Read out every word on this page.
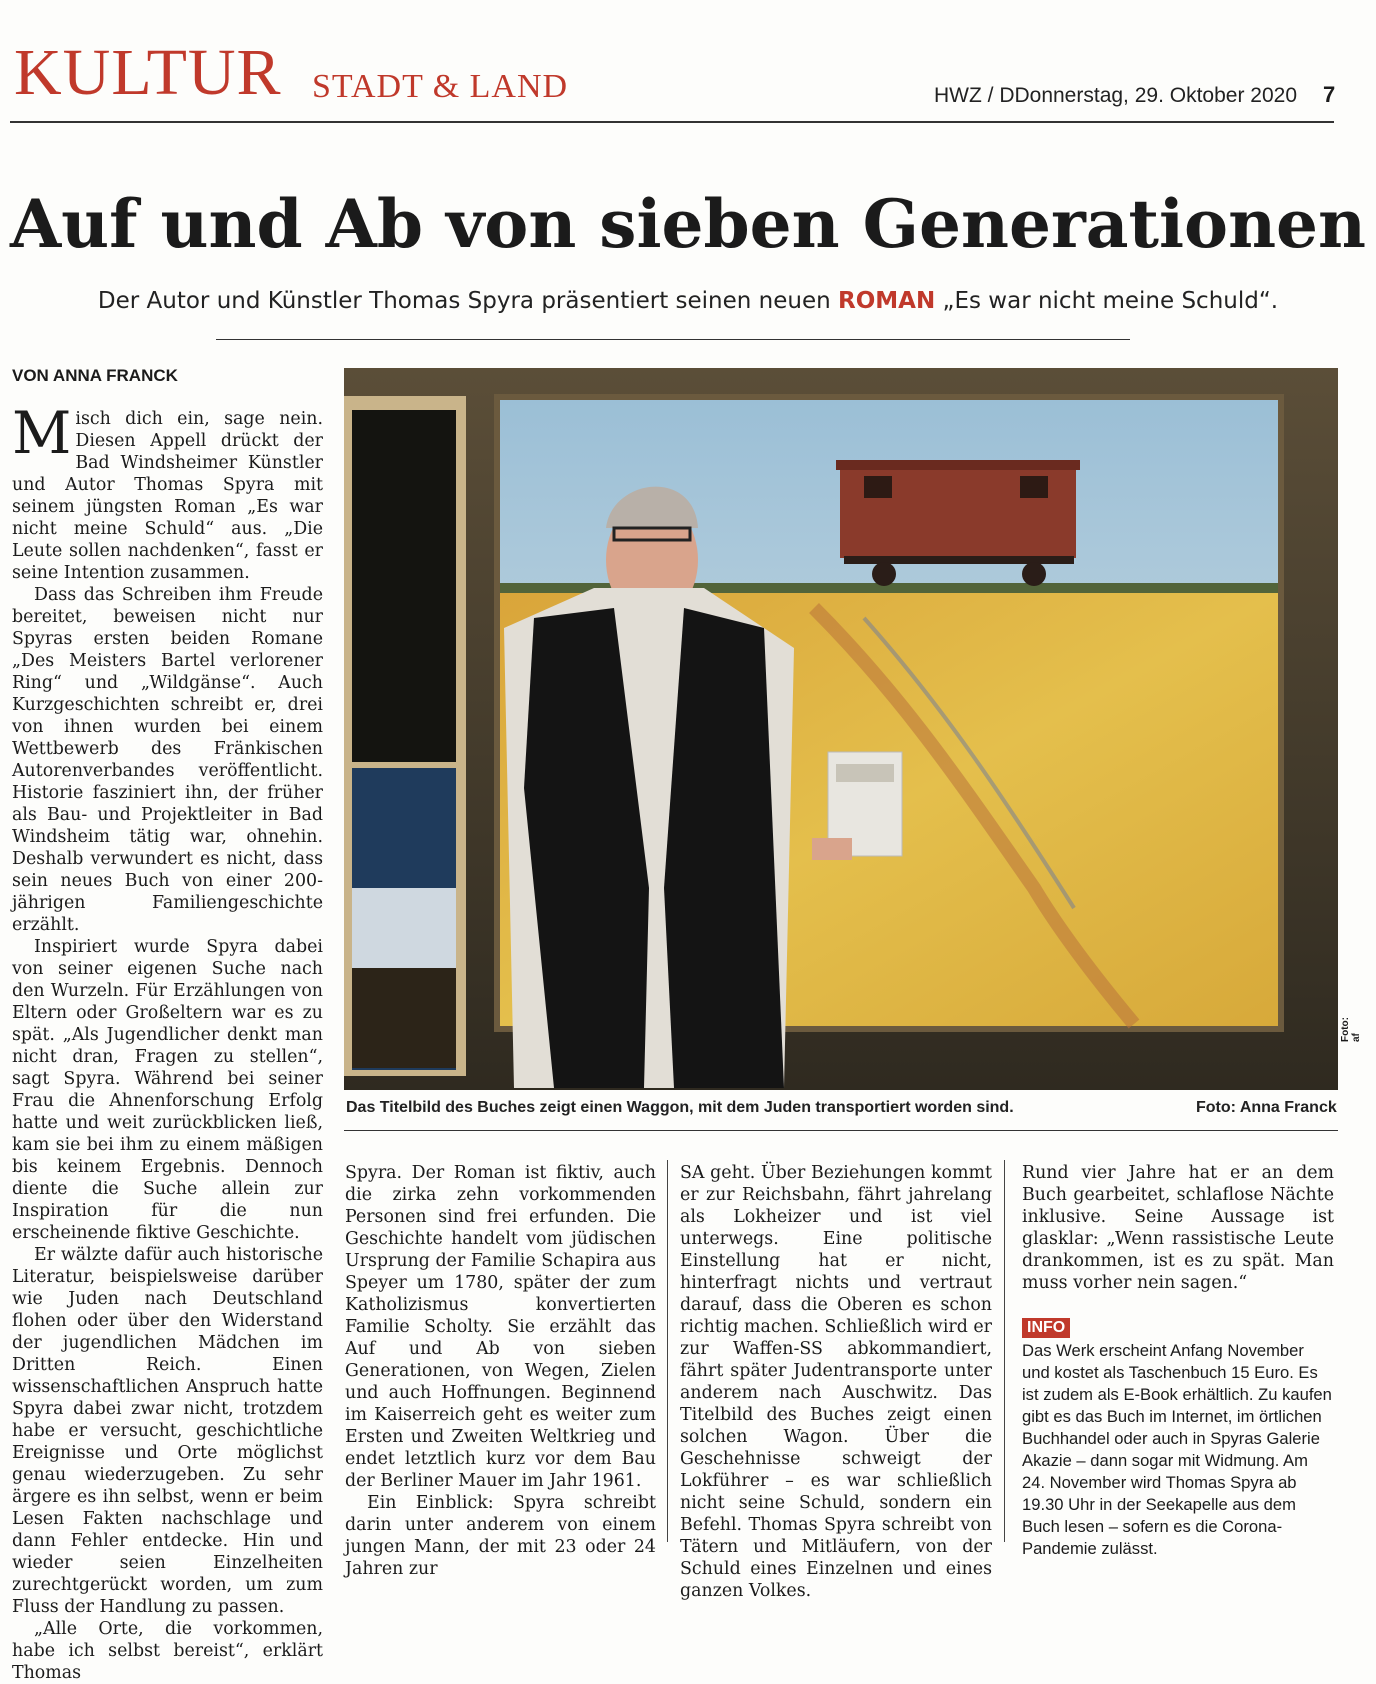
KULTUR STADT & LAND	HWZ / DDonnerstag, 29. Oktober 2020 7
Auf und Ab von sieben Generationen
Der Autor und Künstler Thomas Spyra präsentiert seinen neuen ROMAN „Es war nicht meine Schuld“.
VON ANNA FRANCK

Misch dich ein, sage nein. Diesen Appell drückt der Bad Windsheimer Künstler und Autor Thomas Spyra mit seinem jüngsten Roman „Es war nicht meine Schuld“ aus. „Die Leute sollen nachdenken“, fasst er seine Intention zusammen.

Dass das Schreiben ihm Freude bereitet, beweisen nicht nur Spyras ersten beiden Romane „Des Meisters Bartel verlorener Ring“ und „Wildgänse“. Auch Kurzgeschichten schreibt er, drei von ihnen wurden bei einem Wettbewerb des Fränkischen Autorenverbandes veröffentlicht. Historie fasziniert ihn, der früher als Bau- und Projektleiter in Bad Windsheim tätig war, ohnehin. Deshalb verwundert es nicht, dass sein neues Buch von einer 200-jährigen Familiengeschichte erzählt.

Inspiriert wurde Spyra dabei von seiner eigenen Suche nach den Wurzeln. Für Erzählungen von Eltern oder Großeltern war es zu spät. „Als Jugendlicher denkt man nicht dran, Fragen zu stellen“, sagt Spyra. Während bei seiner Frau die Ahnenforschung Erfolg hatte und weit zurückblicken ließ, kam sie bei ihm zu einem mäßigen bis keinem Ergebnis. Dennoch diente die Suche allein zur Inspiration für die nun erscheinende fiktive Geschichte.

Er wälzte dafür auch historische Literatur, beispielsweise darüber wie Juden nach Deutschland flohen oder über den Widerstand der jugendlichen Mädchen im Dritten Reich. Einen wissenschaftlichen Anspruch hatte Spyra dabei zwar nicht, trotzdem habe er versucht, geschichtliche Ereignisse und Orte möglichst genau wiederzugeben. Zu sehr ärgere es ihn selbst, wenn er beim Lesen Fakten nachschlage und dann Fehler entdecke. Hin und wieder seien Einzelheiten zurechtgerückt worden, um zum Fluss der Handlung zu passen.

„Alle Orte, die vorkommen, habe ich selbst bereist“, erklärt Thomas

Foto: af
Das Titelbild des Buches zeigt einen Waggon, mit dem Juden transportiert worden sind.	Foto: Anna Franck

Spyra. Der Roman ist fiktiv, auch die zirka zehn vorkommenden Personen sind frei erfunden. Die Geschichte handelt vom jüdischen Ursprung der Familie Schapira aus Speyer um 1780, später der zum Katholizismus konvertierten Familie Scholty. Sie erzählt das Auf und Ab von sieben Generationen, von Wegen, Zielen und auch Hoffnungen. Beginnend im Kaiserreich geht es weiter zum Ersten und Zweiten Weltkrieg und endet letztlich kurz vor dem Bau der Berliner Mauer im Jahr 1961.

Ein Einblick: Spyra schreibt darin unter anderem von einem jungen Mann, der mit 23 oder 24 Jahren zur

SA geht. Über Beziehungen kommt er zur Reichsbahn, fährt jahrelang als Lokheizer und ist viel unterwegs. Eine politische Einstellung hat er nicht, hinterfragt nichts und vertraut darauf, dass die Oberen es schon richtig machen. Schließlich wird er zur Waffen-SS abkommandiert, fährt später Judentransporte unter anderem nach Auschwitz. Das Titelbild des Buches zeigt einen solchen Wagon. Über die Geschehnisse schweigt der Lokführer – es war schließlich nicht seine Schuld, sondern ein Befehl. Thomas Spyra schreibt von Tätern und Mitläufern, von der Schuld eines Einzelnen und eines ganzen Volkes.

Rund vier Jahre hat er an dem Buch gearbeitet, schlaflose Nächte inklusive. Seine Aussage ist glasklar: „Wenn rassistische Leute drankommen, ist es zu spät. Man muss vorher nein sagen.“

INFO
Das Werk erscheint Anfang November und kostet als Taschenbuch 15 Euro. Es ist zudem als E-Book erhältlich. Zu kaufen gibt es das Buch im Internet, im örtlichen Buchhandel oder auch in Spyras Galerie Akazie – dann sogar mit Widmung. Am 24. November wird Thomas Spyra ab 19.30 Uhr in der Seekapelle aus dem Buch lesen – sofern es die Corona-Pandemie zulässt.
